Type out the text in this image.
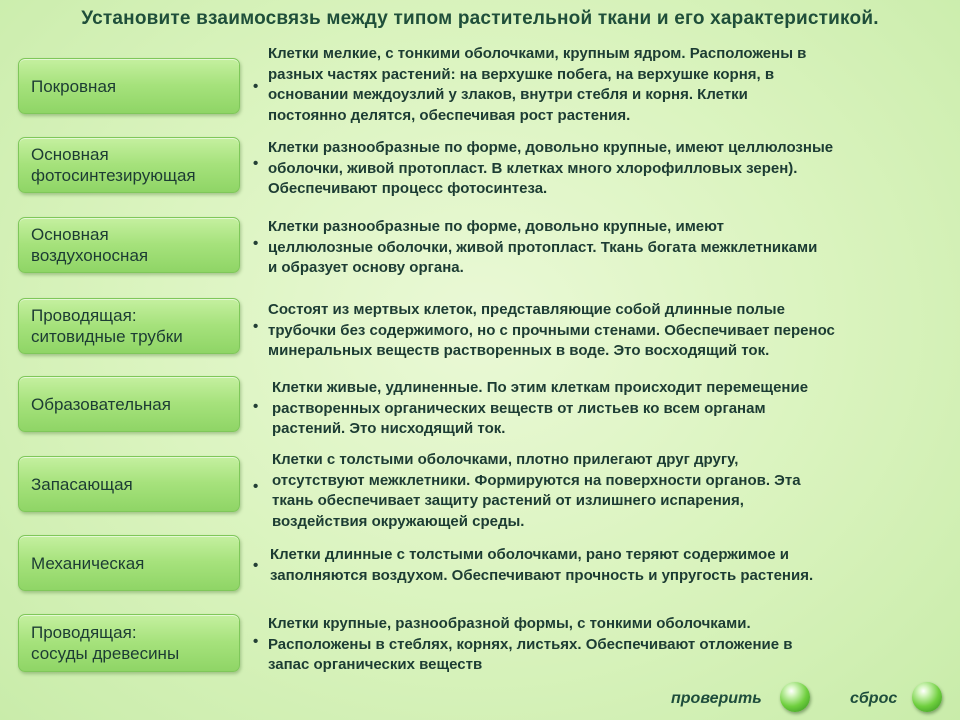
Установите взаимосвязь между типом растительной ткани и его характеристикой.
Покровная	•
Клетки мелкие, с тонкими оболочками, крупным ядром. Расположены в
разных частях растений: на верхушке побега, на верхушке корня, в
основании междоузлий у злаков, внутри стебля и корня. Клетки
постоянно делятся, обеспечивая рост растения.
Основная
фотосинтезирующая
•
Клетки разнообразные по форме, довольно крупные, имеют целлюлозные
оболочки, живой протопласт. В клетках много хлорофилловых зерен).
Обеспечивают процесс фотосинтеза.
Основная
воздухоносная
•
Клетки разнообразные по форме, довольно крупные, имеют
целлюлозные оболочки, живой протопласт. Ткань богата межклетниками
и образует основу органа.
Проводящая:
ситовидные трубки
•
Состоят из мертвых клеток, представляющие собой длинные полые
трубочки без содержимого, но с прочными стенами. Обеспечивает перенос
минеральных веществ растворенных в воде. Это восходящий ток.
Образовательная	•
Клетки живые, удлиненные. По этим клеткам происходит перемещение
растворенных органических веществ от листьев ко всем органам
растений. Это нисходящий ток.
Запасающая	•
Клетки с толстыми оболочками, плотно прилегают друг другу,
отсутствуют межклетники. Формируются на поверхности органов. Эта
ткань обеспечивает защиту растений от излишнего испарения,
воздействия окружающей среды.
Механическая	•
Клетки длинные с толстыми оболочками, рано теряют содержимое и
заполняются воздухом. Обеспечивают прочность и упругость растения.
Проводящая:
сосуды древесины
•
Клетки крупные, разнообразной формы, с тонкими оболочками.
Расположены в стеблях, корнях, листьях. Обеспечивают отложение в
запас органических веществ
проверить	сброс
